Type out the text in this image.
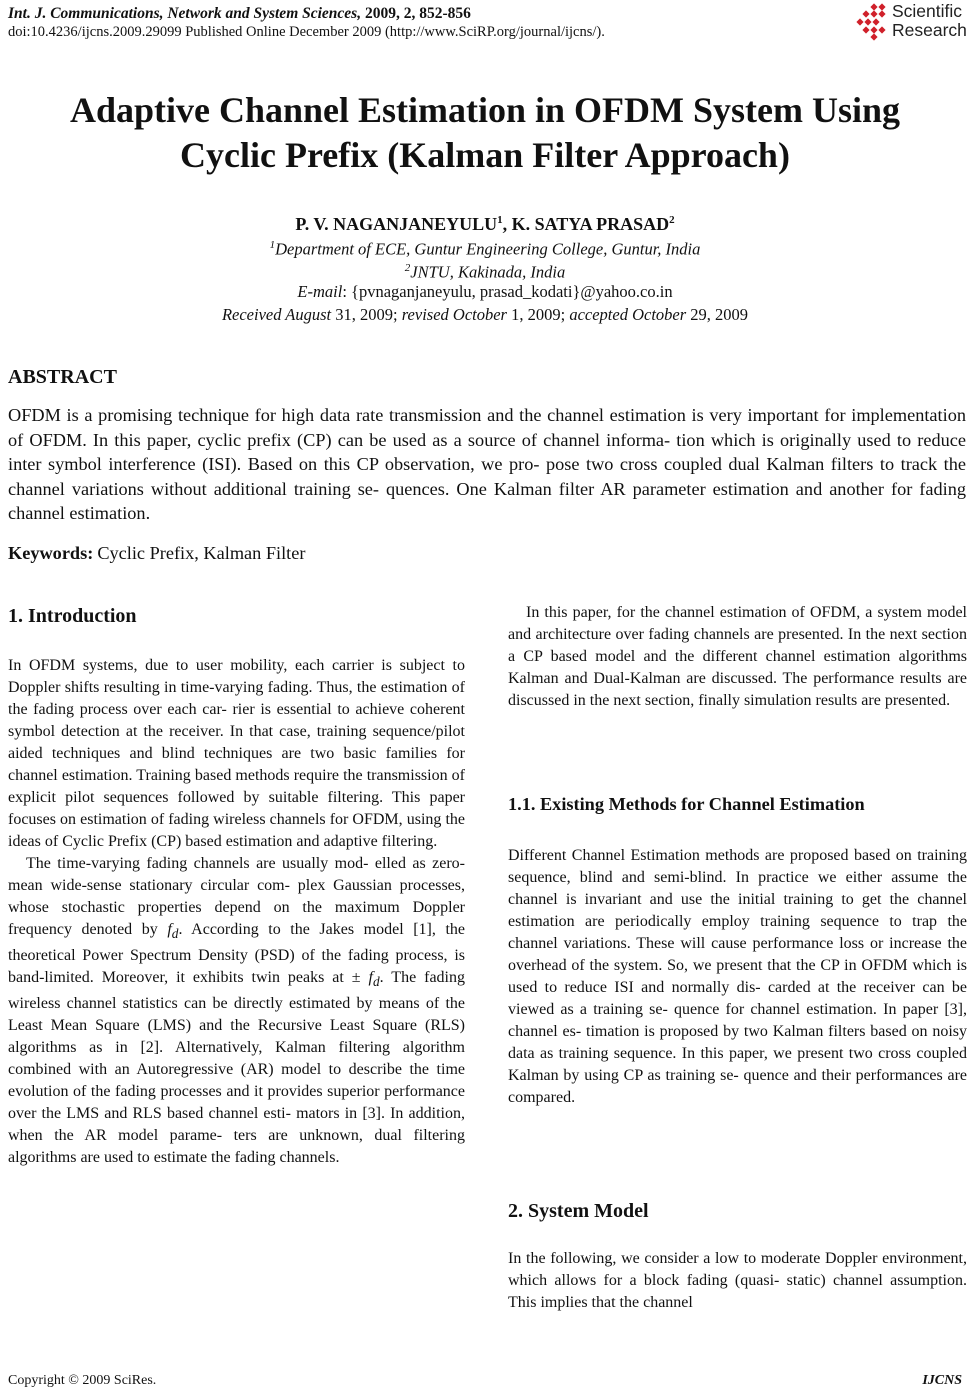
Int. J. Communications, Network and System Sciences, 2009, 2, 852-856
doi:10.4236/ijcns.2009.29099 Published Online December 2009 (http://www.SciRP.org/journal/ijcns/).
Scientific
Research
Adaptive Channel Estimation in OFDM System Using
Cyclic Prefix (Kalman Filter Approach)
P. V. NAGANJANEYULU$^1$, K. SATYA PRASAD$^2$
$^1$Department of ECE, Guntur Engineering College, Guntur, India
$^2$JNTU, Kakinada, India
E-mail: {pvnaganjaneyulu, prasad_kodati}@yahoo.co.in
Received August 31, 2009; revised October 1, 2009; accepted October 29, 2009
ABSTRACT
OFDM is a promising technique for high data rate transmission and the channel estimation is very important for implementation of OFDM. In this paper, cyclic prefix (CP) can be used as a source of channel informa- tion which is originally used to reduce inter symbol interference (ISI). Based on this CP observation, we pro- pose two cross coupled dual Kalman filters to track the channel variations without additional training se- quences. One Kalman filter AR parameter estimation and another for fading channel estimation.
Keywords: Cyclic Prefix, Kalman Filter
1. Introduction

In OFDM systems, due to user mobility, each carrier is subject to Doppler shifts resulting in time-varying fading. Thus, the estimation of the fading process over each car- rier is essential to achieve coherent symbol detection at the receiver. In that case, training sequence/pilot aided techniques and blind techniques are two basic families for channel estimation. Training based methods require the transmission of explicit pilot sequences followed by suitable filtering. This paper focuses on estimation of fading wireless channels for OFDM, using the ideas of Cyclic Prefix (CP) based estimation and adaptive filtering.

The time-varying fading channels are usually mod- elled as zero-mean wide-sense stationary circular com- plex Gaussian processes, whose stochastic properties depend on the maximum Doppler frequency denoted by $f_d$. According to the Jakes model [1], the theoretical Power Spectrum Density (PSD) of the fading process, is band-limited. Moreover, it exhibits twin peaks at ± $f_d$. The fading wireless channel statistics can be directly estimated by means of the Least Mean Square (LMS) and the Recursive Least Square (RLS) algorithms as in [2]. Alternatively, Kalman filtering algorithm combined with an Autoregressive (AR) model to describe the time evolution of the fading processes and it provides superior performance over the LMS and RLS based channel esti- mators in [3]. In addition, when the AR model parame- ters are unknown, dual filtering algorithms are used to estimate the fading channels.

In this paper, for the channel estimation of OFDM, a system model and architecture over fading channels are presented. In the next section a CP based model and the different channel estimation algorithms Kalman and Dual-Kalman are discussed. The performance results are discussed in the next section, finally simulation results are presented.

1.1. Existing Methods for Channel Estimation

Different Channel Estimation methods are proposed based on training sequence, blind and semi-blind. In practice we either assume the channel is invariant and use the initial training to get the channel estimation are periodically employ training sequence to trap the channel variations. These will cause performance loss or increase the overhead of the system. So, we present that the CP in OFDM which is used to reduce ISI and normally dis- carded at the receiver can be viewed as a training se- quence for channel estimation. In paper [3], channel es- timation is proposed by two Kalman filters based on noisy data as training sequence. In this paper, we present two cross coupled Kalman by using CP as training se- quence and their performances are compared.

2. System Model

In the following, we consider a low to moderate Doppler environment, which allows for a block fading (quasi- static) channel assumption. This implies that the channel

Copyright © 2009 SciRes.	IJCNS
